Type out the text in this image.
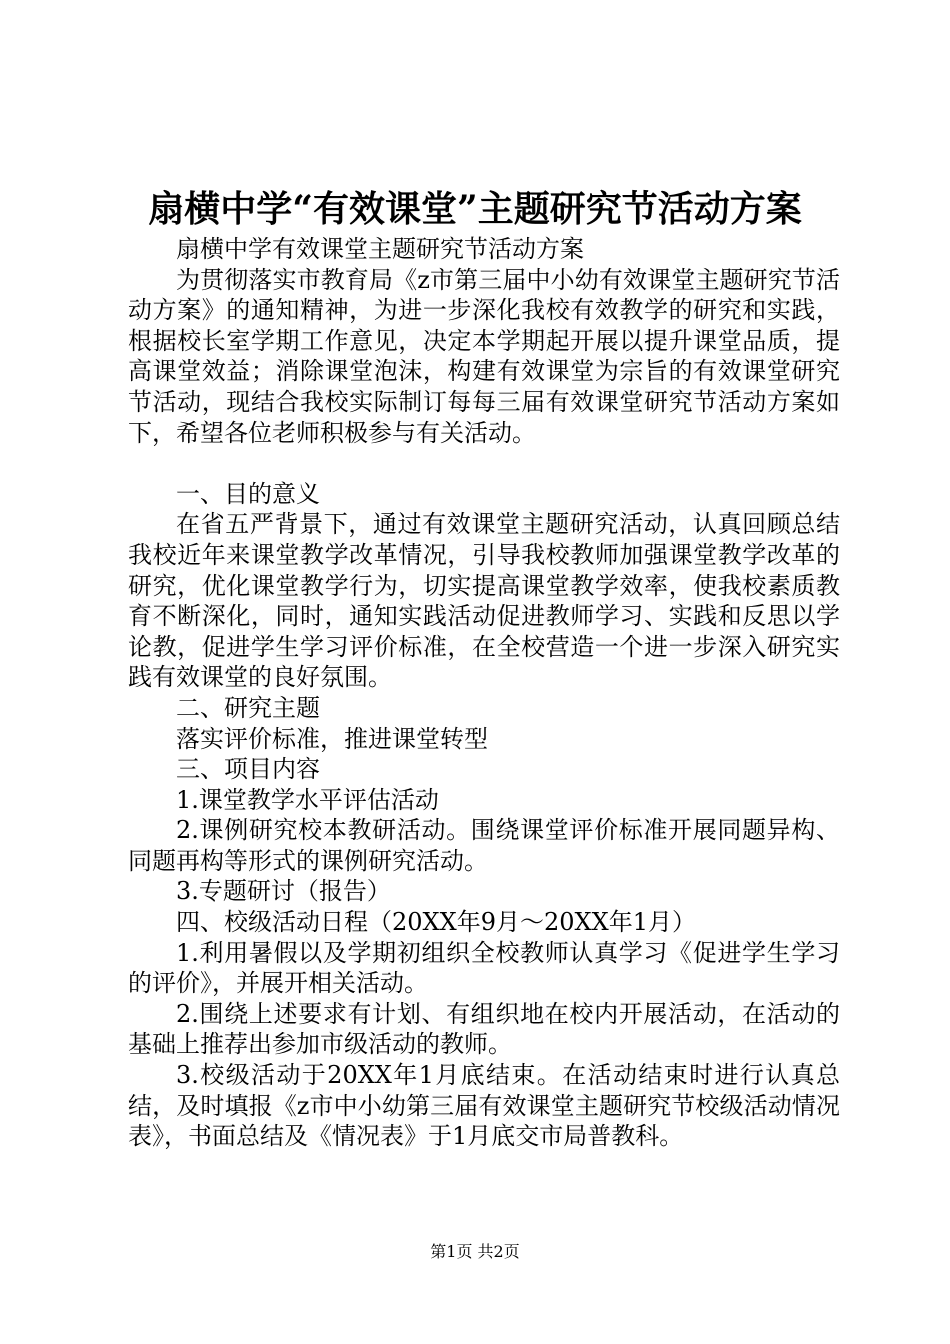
扇横中学“有效课堂”主题研究节活动方案

扇横中学有效课堂主题研究节活动方案

为贯彻落实市教育局《z市第三届中小幼有效课堂主题研究节活动方案》的通知精神，为进一步深化我校有效教学的研究和实践，根据校长室学期工作意见，决定本学期起开展以提升课堂品质，提高课堂效益；消除课堂泡沫，构建有效课堂为宗旨的有效课堂研究节活动，现结合我校实际制订每每三届有效课堂研究节活动方案如下，希望各位老师积极参与有关活动。

一、目的意义

在省五严背景下，通过有效课堂主题研究活动，认真回顾总结我校近年来课堂教学改革情况，引导我校教师加强课堂教学改革的研究，优化课堂教学行为，切实提高课堂教学效率，使我校素质教育不断深化，同时，通知实践活动促进教师学习、实践和反思以学论教，促进学生学习评价标准，在全校营造一个进一步深入研究实践有效课堂的良好氛围。

二、研究主题

落实评价标准，推进课堂转型

三、项目内容

1.课堂教学水平评估活动

2.课例研究校本教研活动。围绕课堂评价标准开展同题异构、同题再构等形式的课例研究活动。

3.专题研讨（报告）

四、校级活动日程（20XX年9月～20XX年1月）

1.利用暑假以及学期初组织全校教师认真学习《促进学生学习的评价》，并展开相关活动。

2.围绕上述要求有计划、有组织地在校内开展活动，在活动的基础上推荐出参加市级活动的教师。

3.校级活动于20XX年1月底结束。在活动结束时进行认真总结，及时填报《z市中小幼第三届有效课堂主题研究节校级活动情况表》，书面总结及《情况表》于1月底交市局普教科。

第1页 共2页
